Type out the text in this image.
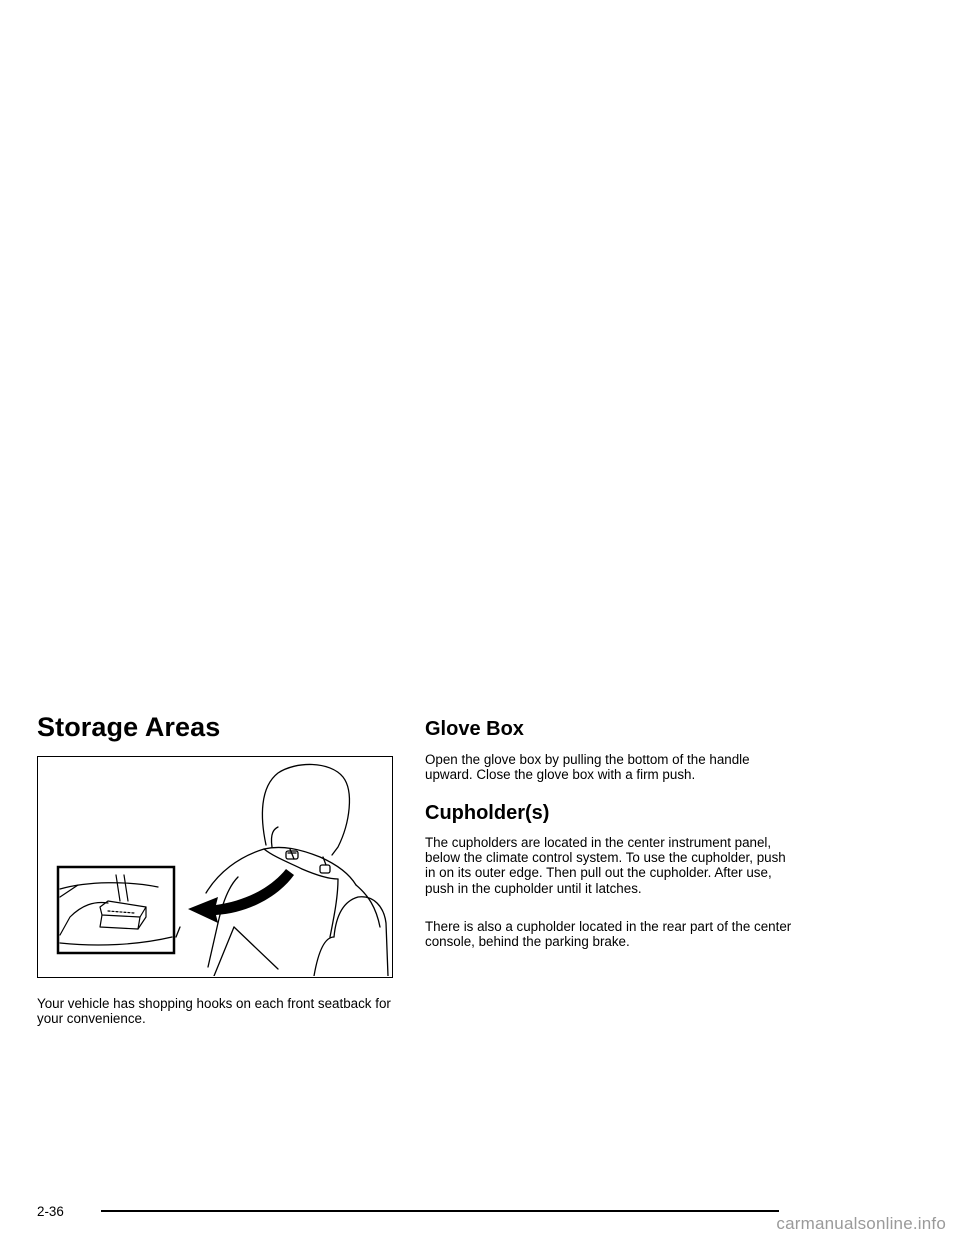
Storage Areas

Your vehicle has shopping hooks on each front seatback for your convenience.

Glove Box

Open the glove box by pulling the bottom of the handle upward. Close the glove box with a firm push.

Cupholder(s)

The cupholders are located in the center instrument panel, below the climate control system. To use the cupholder, push in on its outer edge. Then pull out the cupholder. After use, push in the cupholder until it latches.

There is also a cupholder located in the rear part of the center console, behind the parking brake.

2-36
carmanualsonline.info
